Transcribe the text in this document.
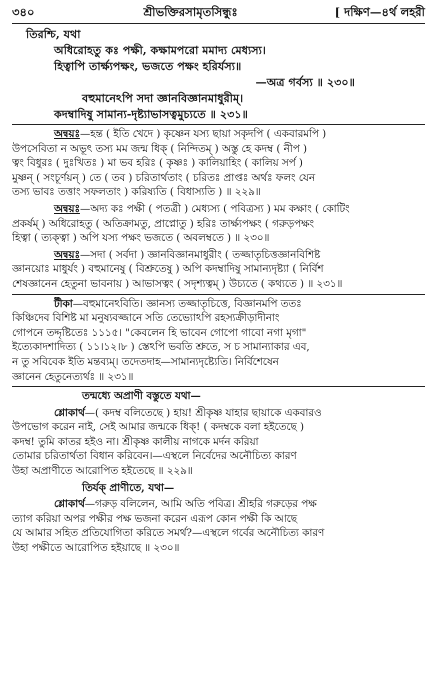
৩৪০	শ্রীভক্তিরসামৃতসিন্ধুঃ	[ দক্ষিণ—৪র্থ লহরী
তিরশ্চি, যথা
অধিরোহতু কঃ পক্ষী, কক্ষামপরো মমাদ্য মেধ্যস্য।
হিত্বাপি তার্ক্ষ্যপক্ষং, ভজতে পক্ষং হরির্যস্য॥
—অত্র গর্বস্য ॥ ২৩০॥
বহুমানেঽপি সদা জ্ঞানবিজ্ঞানমাধুরীম্।
কদম্বাদিষু সামান্য-দৃষ্ট্যাভাসত্বমুচ্যতে ॥ ২৩১॥
অন্বয়ঃ—হন্ত ( ইতি খেদে ) কৃষ্ণেন যস্য ছায়া সকৃদপি ( একবারমপি )
উপসেবিতা ন অভূৎ তস্য মম জন্ম ধিক্ ( নিন্দিতম্ ) অস্তু হে কদম্ব ( নীপ )
ত্বং বিধুরঃ ( দুঃখিতঃ ) মা ভব হরিঃ ( কৃষ্ণঃ ) কালিয়াহিং ( কালিয় সর্প )
মুষ্ণন্ ( সংচূর্ণয়ন্ ) তে ( তব ) চরিতার্থতাং ( চরিতঃ প্রাপ্তঃ অর্থঃ ফলং যেন
তস্য ভাবঃ তত্তাং সফলতাং ) করিষ্যতি ( বিধাস্যতি ) ॥ ২২৯॥
অন্বয়ঃ—অদ্য কঃ পক্ষী ( পতত্রী ) মেধ্যস্য ( পবিত্রস্য ) মম কক্ষাং ( কোটিং
প্রকর্ষম্ ) অধিরোহতু ( অতিক্রামতু, প্রাপ্নোতু ) হরিঃ তার্ক্ষ্যপক্ষং ( গরুড়পক্ষং
হিত্বা ( ত্যক্ত্বা ) অপি যস্য পক্ষং ভজতে ( অবলম্বতে ) ॥ ২৩০॥
অন্বয়ঃ—সদা ( সর্বদা ) জ্ঞানবিজ্ঞানমাধুরীং ( তজ্জাতৃচিত্তজ্ঞানবিশিষ্ট
জ্ঞানয়োঃ মাধুর্যং ) বহুমানেষু ( বিশ্রুতেষু ) অপি কদম্বাদিষু সামান্যদৃষ্ট্যা ( নির্বিশ
শেষজ্ঞানেন হেতুনা ভাবনায় ) আভাসত্বং ( সদৃশ্যত্বম্ ) উচ্যতে ( কথ্যতে ) ॥ ২৩১॥
টীকা—বহুমানেঽবিতি। জ্ঞানস্য তজ্জাতৃচিত্তে, বিজ্ঞানমপি ততঃ
কিঞ্চিদেব বিশিষ্ট মা মনুষ্যবজ্জানে সতি তেভ্যোঽপি রহস্যক্রীড়াদীনাং
গোপনে তদ্দৃষ্টিতেঃ ১১১৫। "কেবলেন হি ভাবেন গোপো গাবো নগা মৃগা"
ইত্যেকাদশাদিত্য ( ১১।১২।৮ ) স্তেঽপি ভবতি শ্রুতে, স চ সামান্যাকার এব,
ন তু সবিবেক ইতি মন্তব্যম্। তদেতদাহ—সামান্যদৃষ্ট্যেতি। নির্বিশেষেন
জ্ঞানেন হেতুনেত্যর্থঃ ॥ ২৩১॥
তন্মধ্যে অপ্রাণী বস্তুতে যথা—
শ্লোকার্থ—( কদম্ব বলিতেছে ) হায়! শ্রীকৃষ্ণ যাহার ছায়াকে একবারও
উপভোগ করেন নাই, সেই আমার জন্মকে ধিক্! ( কদম্বকে বলা হইতেছে )
কদম্ব! তুমি কাতর হইও না। শ্রীকৃষ্ণ কালীয় নাগকে মর্দন করিয়া
তোমার চরিতার্থতা বিধান করিবেন।—এস্থলে নির্বেদের অনৌচিত্য কারণ
উহা অপ্রাণীতে আরোপিত হইতেছে ॥ ২২৯॥
তির্যক্ প্রাণীতে, যথা—
শ্লোকার্থ—গরুড় বলিলেন, আমি অতি পবিত্র। শ্রীহরি গরুড়ের পক্ষ
ত্যাগ করিয়া অপর পক্ষীর পক্ষ ভজনা করেন এরূপ কোন পক্ষী কি আছে
যে আমার সহিত প্রতিযোগিতা করিতে সমর্থ?—এস্থলে গর্বের অনৌচিত্য কারণ
উহা পক্ষীতে আরোপিত হইয়াছে ॥ ২৩০॥
